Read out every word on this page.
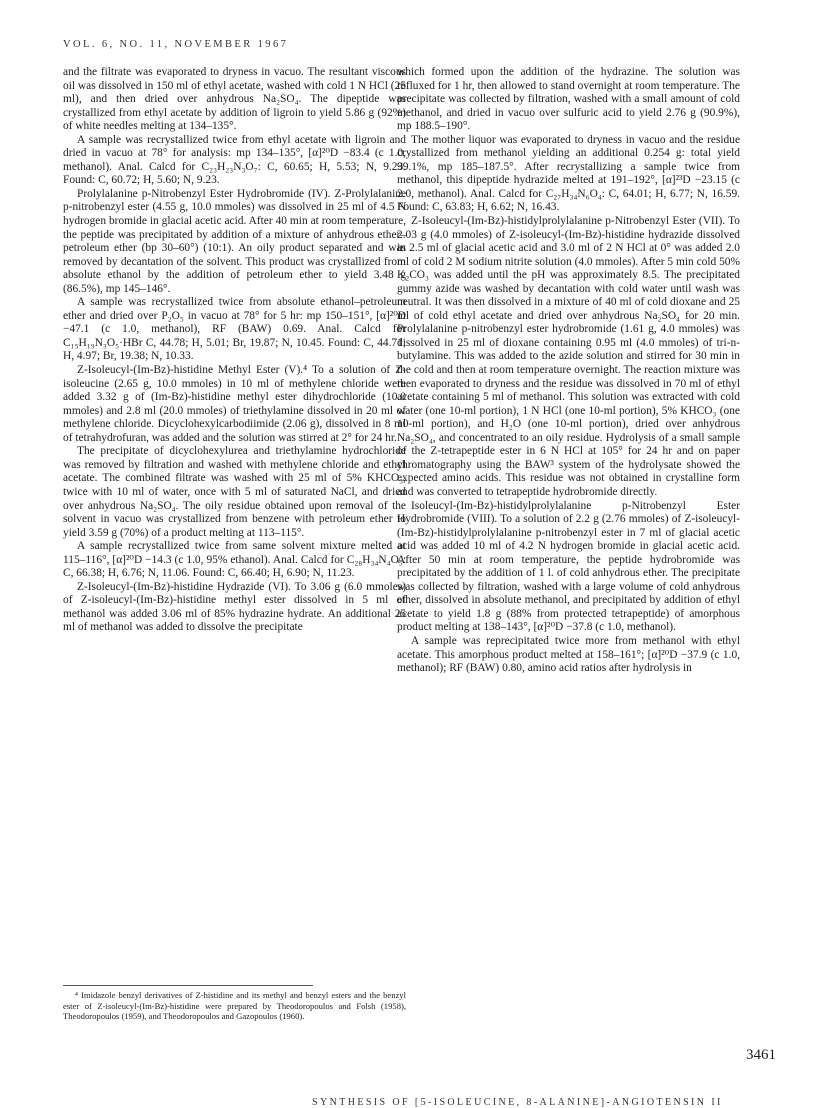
VOL. 6, NO. 11, NOVEMBER 1967

and the filtrate was evaporated to dryness in vacuo. The resultant viscous oil was dissolved in 150 ml of ethyl acetate, washed with cold 1 N HCl (25 ml), and then dried over anhydrous Na₂SO₄. The dipeptide was crystallized from ethyl acetate by addition of ligroin to yield 5.86 g (92%) of white needles melting at 134–135°.

A sample was recrystallized twice from ethyl acetate with ligroin and dried in vacuo at 78° for analysis: mp 134–135°, [α]²⁰D −83.4 (c 1.0, methanol). Anal. Calcd for C₂₃H₂₃N₃O₇: C, 60.65; H, 5.53; N, 9.23. Found: C, 60.72; H, 5.60; N, 9.23.

Prolylalanine p-Nitrobenzyl Ester Hydrobromide (IV). Z-Prolylalanine p-nitrobenzyl ester (4.55 g, 10.0 mmoles) was dissolved in 25 ml of 4.5 N hydrogen bromide in glacial acetic acid. After 40 min at room temperature, the peptide was precipitated by addition of a mixture of anhydrous ether–petroleum ether (bp 30–60°) (10:1). An oily product separated and was removed by decantation of the solvent. This product was crystallized from absolute ethanol by the addition of petroleum ether to yield 3.48 g (86.5%), mp 145–146°.

A sample was recrystallized twice from absolute ethanol–petroleum ether and dried over P₂O₅ in vacuo at 78° for 5 hr: mp 150–151°, [α]²⁰D −47.1 (c 1.0, methanol), RF (BAW) 0.69. Anal. Calcd for C₁₅H₁₉N₃O₅·HBr C, 44.78; H, 5.01; Br, 19.87; N, 10.45. Found: C, 44.71; H, 4.97; Br, 19.38; N, 10.33.

Z-Isoleucyl-(Im-Bz)-histidine Methyl Ester (V).⁴ To a solution of Z-isoleucine (2.65 g, 10.0 mmoles) in 10 ml of methylene chloride were added 3.32 g of (Im-Bz)-histidine methyl ester dihydrochloride (10.0 mmoles) and 2.8 ml (20.0 mmoles) of triethylamine dissolved in 20 ml of methylene chloride. Dicyclohexylcarbodiimide (2.06 g), dissolved in 8 ml of tetrahydrofuran, was added and the solution was stirred at 2° for 24 hr.

The precipitate of dicyclohexylurea and triethylamine hydrochloride was removed by filtration and washed with methylene chloride and ethyl acetate. The combined filtrate was washed with 25 ml of 5% KHCO₃, twice with 10 ml of water, once with 5 ml of saturated NaCl, and dried over anhydrous Na₂SO₄. The oily residue obtained upon removal of the solvent in vacuo was crystallized from benzene with petroleum ether to yield 3.59 g (70%) of a product melting at 113–115°.

A sample recrystallized twice from same solvent mixture melted at 115–116°, [α]²⁰D −14.3 (c 1.0, 95% ethanol). Anal. Calcd for C₂₈H₃₄N₄O₅: C, 66.38; H, 6.76; N, 11.06. Found: C, 66.40; H, 6.90; N, 11.23.

Z-Isoleucyl-(Im-Bz)-histidine Hydrazide (VI). To 3.06 g (6.0 mmoles) of Z-isoleucyl-(Im-Bz)-histidine methyl ester dissolved in 5 ml of methanol was added 3.06 ml of 85% hydrazine hydrate. An additional 25 ml of methanol was added to dissolve the precipitate

⁴ Imidazole benzyl derivatives of Z-histidine and its methyl and benzyl esters and the benzyl ester of Z-isoleucyl-(Im-Bz)-histidine were prepared by Theodoropoulos and Folsh (1958), Theodoropoulos (1959), and Theodoropoulos and Gazopoulos (1960).

which formed upon the addition of the hydrazine. The solution was refluxed for 1 hr, then allowed to stand overnight at room temperature. The precipitate was collected by filtration, washed with a small amount of cold methanol, and dried in vacuo over sulfuric acid to yield 2.76 g (90.9%), mp 188.5–190°.

The mother liquor was evaporated to dryness in vacuo and the residue crystallized from methanol yielding an additional 0.254 g: total yield 99.1%, mp 185–187.5°. After recrystallizing a sample twice from methanol, this dipeptide hydrazide melted at 191–192°, [α]²³D −23.15 (c 2.0, methanol). Anal. Calcd for C₂₇H₃₄N₆O₄: C, 64.01; H, 6.77; N, 16.59. Found: C, 63.83; H, 6.62; N, 16.43.

Z-Isoleucyl-(Im-Bz)-histidylprolylalanine p-Nitrobenzyl Ester (VII). To 2.03 g (4.0 mmoles) of Z-isoleucyl-(Im-Bz)-histidine hydrazide dissolved in 2.5 ml of glacial acetic acid and 3.0 ml of 2 N HCl at 0° was added 2.0 ml of cold 2 M sodium nitrite solution (4.0 mmoles). After 5 min cold 50% K₂CO₃ was added until the pH was approximately 8.5. The precipitated gummy azide was washed by decantation with cold water until wash was neutral. It was then dissolved in a mixture of 40 ml of cold dioxane and 25 ml of cold ethyl acetate and dried over anhydrous Na₂SO₄ for 20 min. Prolylalanine p-nitrobenzyl ester hydrobromide (1.61 g, 4.0 mmoles) was dissolved in 25 ml of dioxane containing 0.95 ml (4.0 mmoles) of tri-n-butylamine. This was added to the azide solution and stirred for 30 min in the cold and then at room temperature overnight. The reaction mixture was then evaporated to dryness and the residue was dissolved in 70 ml of ethyl acetate containing 5 ml of methanol. This solution was extracted with cold water (one 10-ml portion), 1 N HCl (one 10-ml portion), 5% KHCO₃ (one 10-ml portion), and H₂O (one 10-ml portion), dried over anhydrous Na₂SO₄, and concentrated to an oily residue. Hydrolysis of a small sample of the Z-tetrapeptide ester in 6 N HCl at 105° for 24 hr and on paper chromatography using the BAW³ system of the hydrolysate showed the expected amino acids. This residue was not obtained in crystalline form and was converted to tetrapeptide hydrobromide directly.

Isoleucyl-(Im-Bz)-histidylprolylalanine p-Nitrobenzyl Ester Hydrobromide (VIII). To a solution of 2.2 g (2.76 mmoles) of Z-isoleucyl-(Im-Bz)-histidylprolylalanine p-nitrobenzyl ester in 7 ml of glacial acetic acid was added 10 ml of 4.2 N hydrogen bromide in glacial acetic acid. After 50 min at room temperature, the peptide hydrobromide was precipitated by the addition of 1 l. of cold anhydrous ether. The precipitate was collected by filtration, washed with a large volume of cold anhydrous ether, dissolved in absolute methanol, and precipitated by addition of ethyl acetate to yield 1.8 g (88% from protected tetrapeptide) of amorphous product melting at 138–143°, [α]²⁰D −37.8 (c 1.0, methanol).

A sample was reprecipitated twice more from methanol with ethyl acetate. This amorphous product melted at 158–161°; [α]²⁰D −37.9 (c 1.0, methanol); RF (BAW) 0.80, amino acid ratios after hydrolysis in

3461
SYNTHESIS OF [5-ISOLEUCINE, 8-ALANINE]-ANGIOTENSIN II
